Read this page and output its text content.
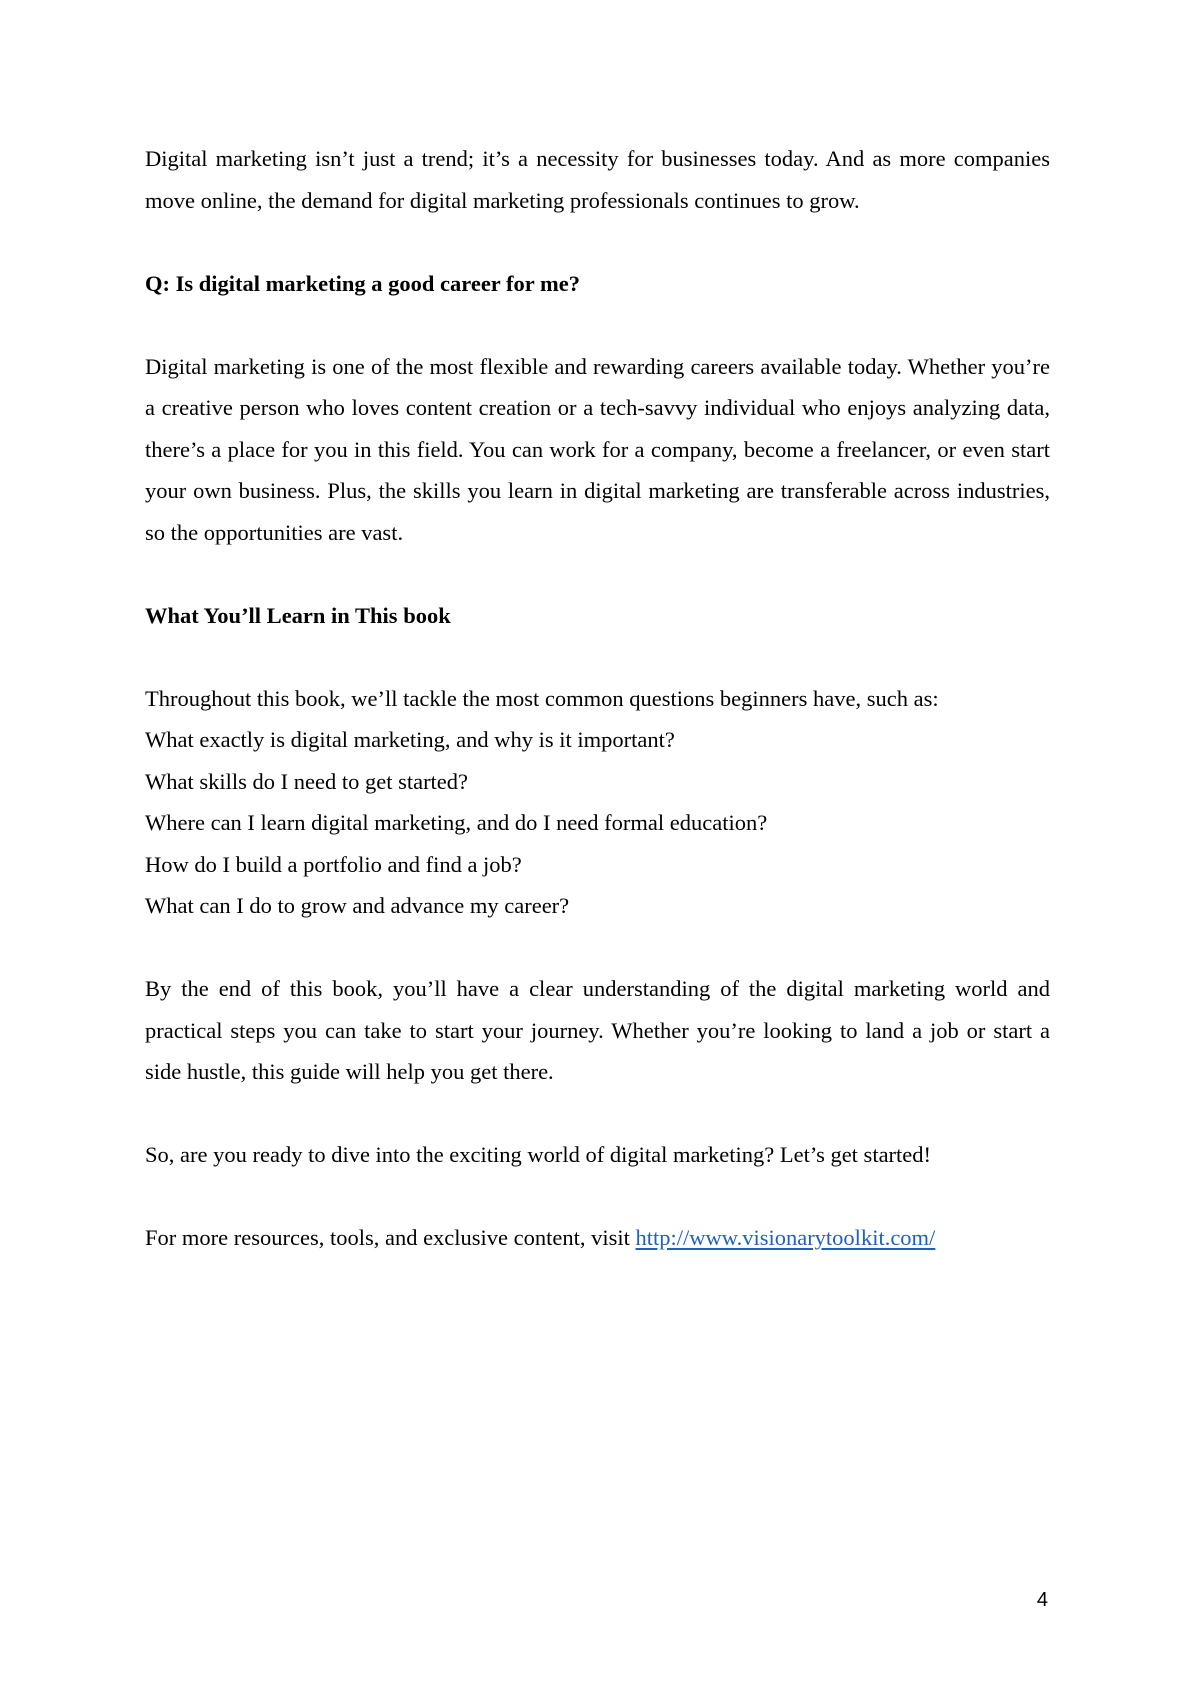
Digital marketing isn’t just a trend; it’s a necessity for businesses today. And as more companies move online, the demand for digital marketing professionals continues to grow.

Q: Is digital marketing a good career for me?

Digital marketing is one of the most flexible and rewarding careers available today. Whether you’re a creative person who loves content creation or a tech-savvy individual who enjoys analyzing data, there’s a place for you in this field. You can work for a company, become a freelancer, or even start your own business. Plus, the skills you learn in digital marketing are transferable across industries, so the opportunities are vast.

What You’ll Learn in This book

Throughout this book, we’ll tackle the most common questions beginners have, such as:
What exactly is digital marketing, and why is it important?
What skills do I need to get started?
Where can I learn digital marketing, and do I need formal education?
How do I build a portfolio and find a job?
What can I do to grow and advance my career?

By the end of this book, you’ll have a clear understanding of the digital marketing world and practical steps you can take to start your journey. Whether you’re looking to land a job or start a side hustle, this guide will help you get there.

So, are you ready to dive into the exciting world of digital marketing? Let’s get started!

For more resources, tools, and exclusive content, visit http://www.visionarytoolkit.com/

4
